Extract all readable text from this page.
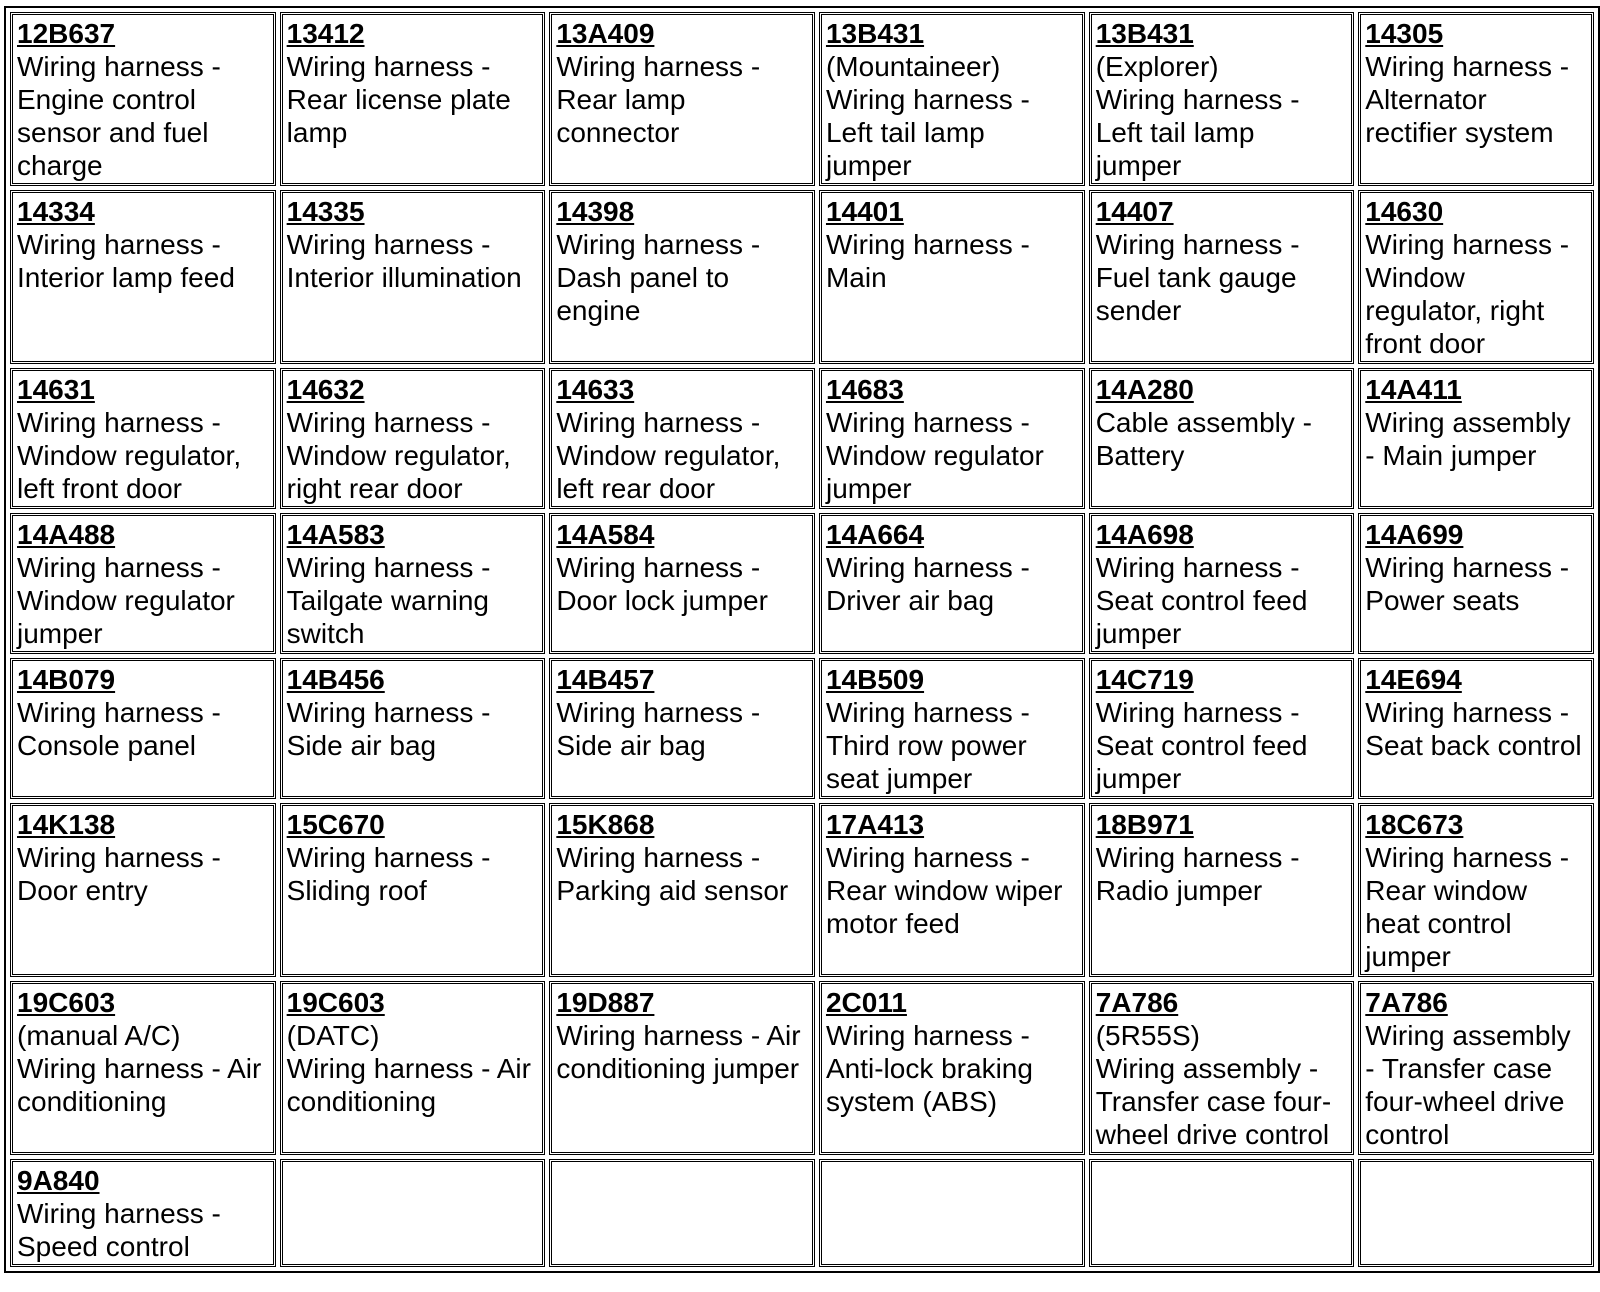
12B637
Wiring harness -
Engine control
sensor and fuel
charge	13412
Wiring harness -
Rear license plate
lamp	13A409
Wiring harness -
Rear lamp
connector	13B431
(Mountaineer)
Wiring harness -
Left tail lamp
jumper	13B431
(Explorer)
Wiring harness -
Left tail lamp
jumper	14305
Wiring harness -
Alternator
rectifier system

14334
Wiring harness -
Interior lamp feed	14335
Wiring harness -
Interior illumination	14398
Wiring harness -
Dash panel to
engine	14401
Wiring harness -
Main	14407
Wiring harness -
Fuel tank gauge
sender	14630
Wiring harness -
Window
regulator, right
front door

14631
Wiring harness -
Window regulator,
left front door	14632
Wiring harness -
Window regulator,
right rear door	14633
Wiring harness -
Window regulator,
left rear door	14683
Wiring harness -
Window regulator
jumper	14A280
Cable assembly -
Battery	14A411
Wiring assembly
- Main jumper

14A488
Wiring harness -
Window regulator
jumper	14A583
Wiring harness -
Tailgate warning
switch	14A584
Wiring harness -
Door lock jumper	14A664
Wiring harness -
Driver air bag	14A698
Wiring harness -
Seat control feed
jumper	14A699
Wiring harness -
Power seats

14B079
Wiring harness -
Console panel	14B456
Wiring harness -
Side air bag	14B457
Wiring harness -
Side air bag	14B509
Wiring harness -
Third row power
seat jumper	14C719
Wiring harness -
Seat control feed
jumper	14E694
Wiring harness -
Seat back control

14K138
Wiring harness -
Door entry	15C670
Wiring harness -
Sliding roof	15K868
Wiring harness -
Parking aid sensor	17A413
Wiring harness -
Rear window wiper
motor feed	18B971
Wiring harness -
Radio jumper	18C673
Wiring harness -
Rear window
heat control
jumper

19C603
(manual A/C)
Wiring harness - Air
conditioning	19C603
(DATC)
Wiring harness - Air
conditioning	19D887
Wiring harness - Air
conditioning jumper	2C011
Wiring harness -
Anti-lock braking
system (ABS)	7A786
(5R55S)
Wiring assembly -
Transfer case four-
wheel drive control	7A786
Wiring assembly
- Transfer case
four-wheel drive
control

9A840
Wiring harness -
Speed control					
